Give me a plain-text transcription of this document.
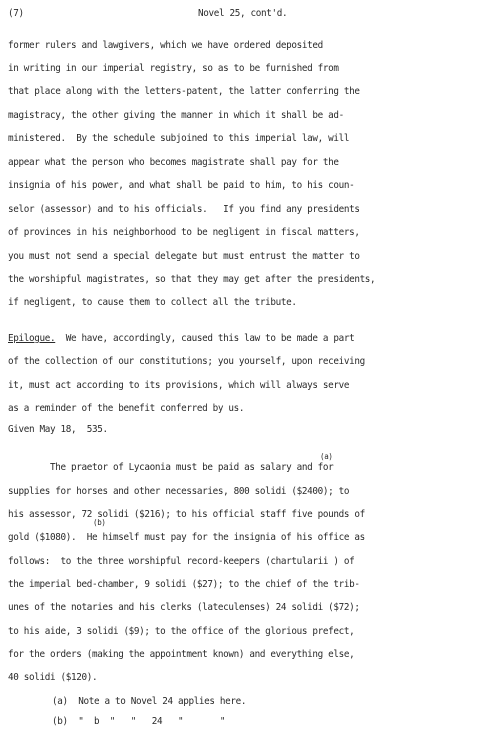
(7)	Novel 25, cont'd.
former rulers and lawgivers, which we have ordered deposited
in writing in our imperial registry, so as to be furnished from
that place along with the letters-patent, the latter conferring the
magistracy, the other giving the manner in which it shall be ad-
ministered.  By the schedule subjoined to this imperial law, will
appear what the person who becomes magistrate shall pay for the
insignia of his power, and what shall be paid to him, to his coun-
selor (assessor) and to his officials.   If you find any presidents
of provinces in his neighborhood to be negligent in fiscal matters,
you must not send a special delegate but must entrust the matter to
the worshipful magistrates, so that they may get after the presidents,
if negligent, to cause them to collect all the tribute.
Epilogue.  We have, accordingly, caused this law to be made a part
of the collection of our constitutions; you yourself, upon receiving
it, must act according to its provisions, which will always serve
as a reminder of the benefit conferred by us.
Given May 18,  535.
(a)
The praetor of Lycaonia must be paid as salary and for
supplies for horses and other necessaries, 800 solidi ($2400); to
his assessor, 72 solidi ($216); to his official staff five pounds of
(b)
gold ($1080).  He himself must pay for the insignia of his office as
follows:  to the three worshipful record-keepers (chartularii ) of
the imperial bed-chamber, 9 solidi ($27); to the chief of the trib-
unes of the notaries and his clerks (lateculenses) 24 solidi ($72);
to his aide, 3 solidi ($9); to the office of the glorious prefect,
for the orders (making the appointment known) and everything else,
40 solidi ($120).
(a) Note a to Novel 24 applies here.
(b) "  b  "   "   24   "       "
